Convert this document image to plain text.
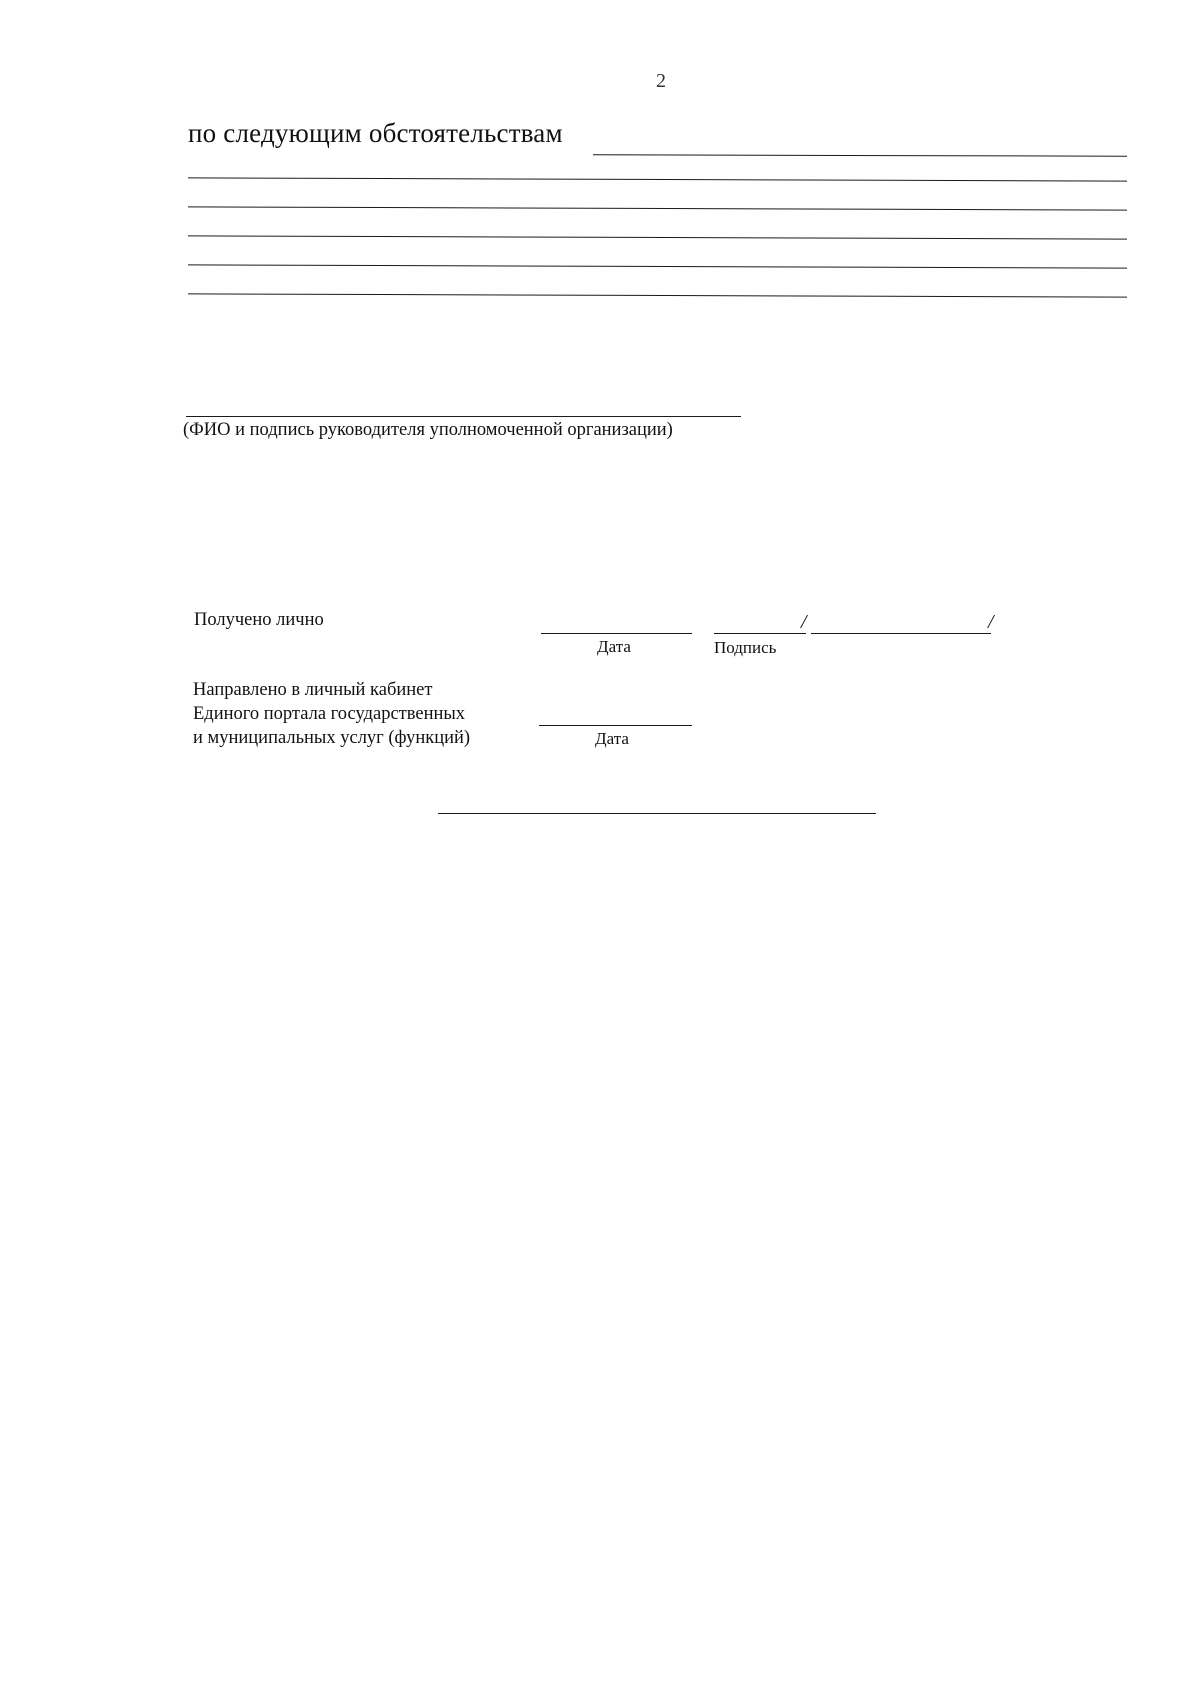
2
по следующим обстоятельствам
(ФИО и подпись руководителя уполномоченной организации)
Получено лично
Дата
/	/
Подпись
Направлено в личный кабинет
Единого портала государственных
и муниципальных услуг (функций)	Дата
